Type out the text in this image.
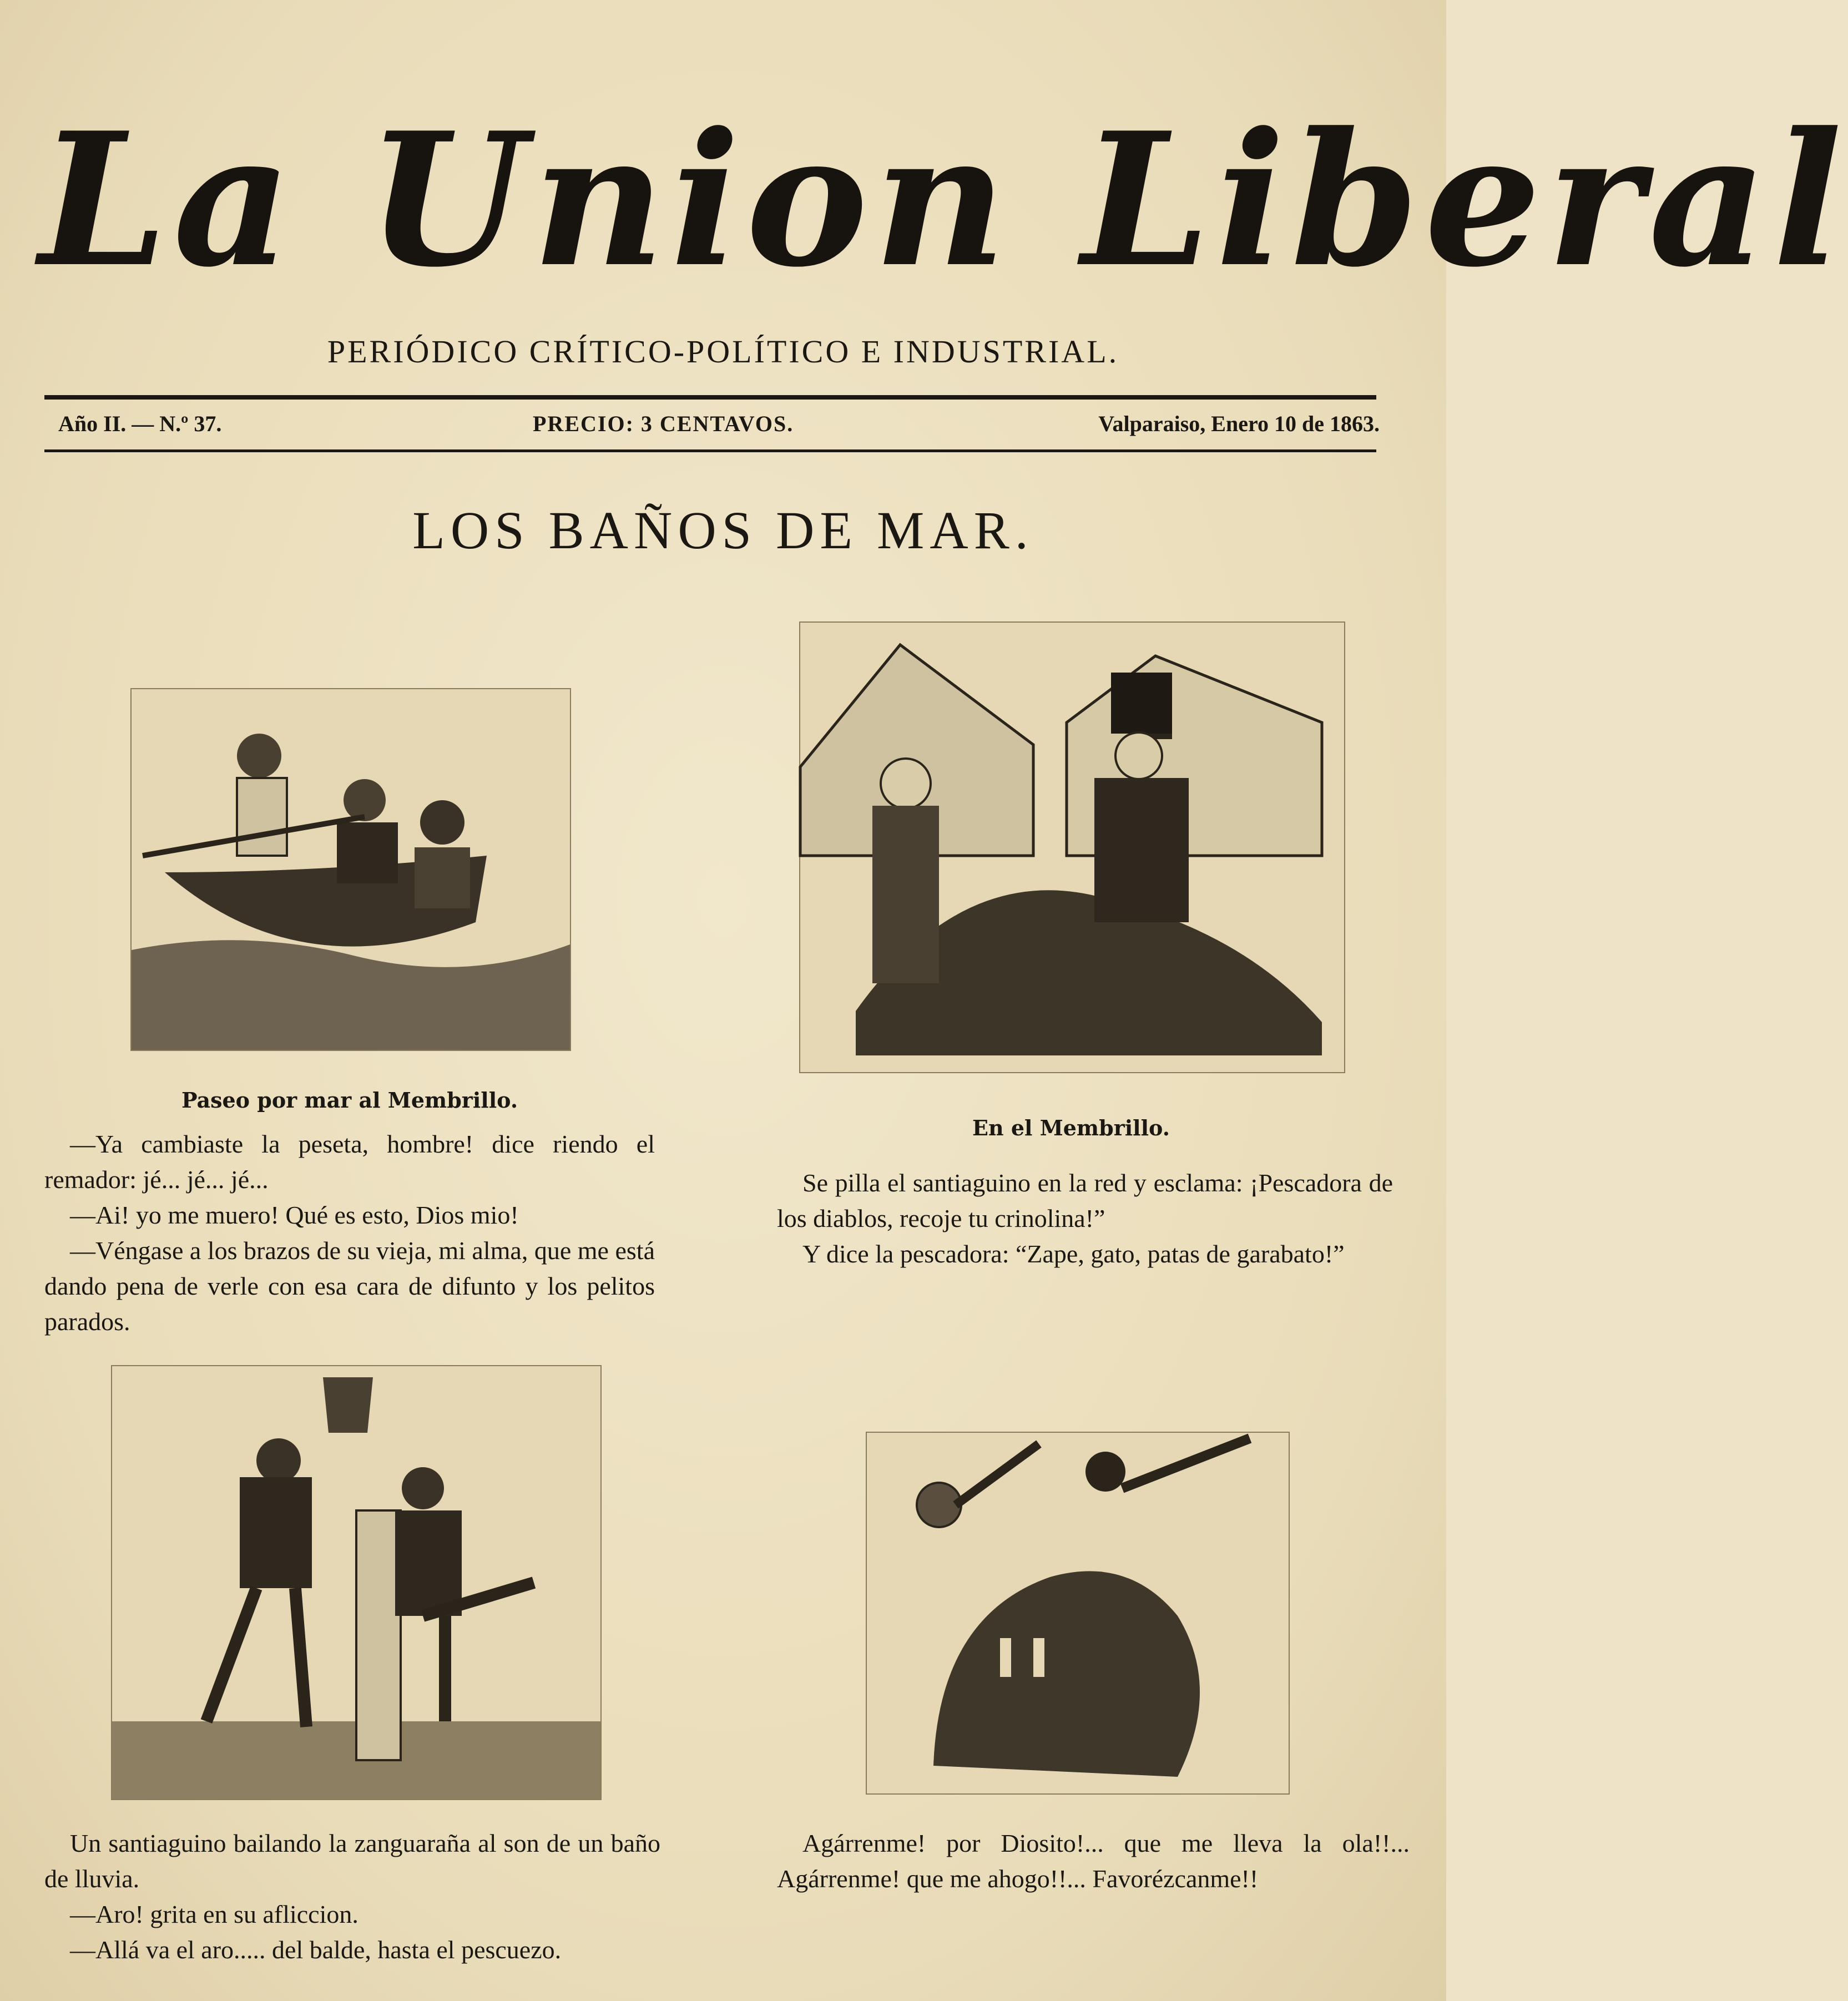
La Union Liberal
PERIÓDICO CRÍTICO-POLÍTICO E INDUSTRIAL.
Año II. — N.º 37.	PRECIO: 3 CENTAVOS.	Valparaiso, Enero 10 de 1863.
LOS BAÑOS DE MAR.
Paseo por mar al Membrillo.

—Ya cambiaste la peseta, hombre! dice riendo el remador: jé... jé... jé...

—Ai! yo me muero! Qué es esto, Dios mio!

—Véngase a los brazos de su vieja, mi alma, que me está dando pena de verle con esa cara de difunto y los pelitos parados.

En el Membrillo.

Se pilla el santiaguino en la red y esclama: ¡Pescadora de los diablos, recoje tu crinolina!”

Y dice la pescadora: “Zape, gato, patas de garabato!”

Un santiaguino bailando la zanguaraña al son de un baño de lluvia.

—Aro! grita en su afliccion.

—Allá va el aro..... del balde, hasta el pescuezo.

Agárrenme! por Diosito!... que me lleva la ola!!... Agárrenme! que me ahogo!!... Favorézcanme!!
